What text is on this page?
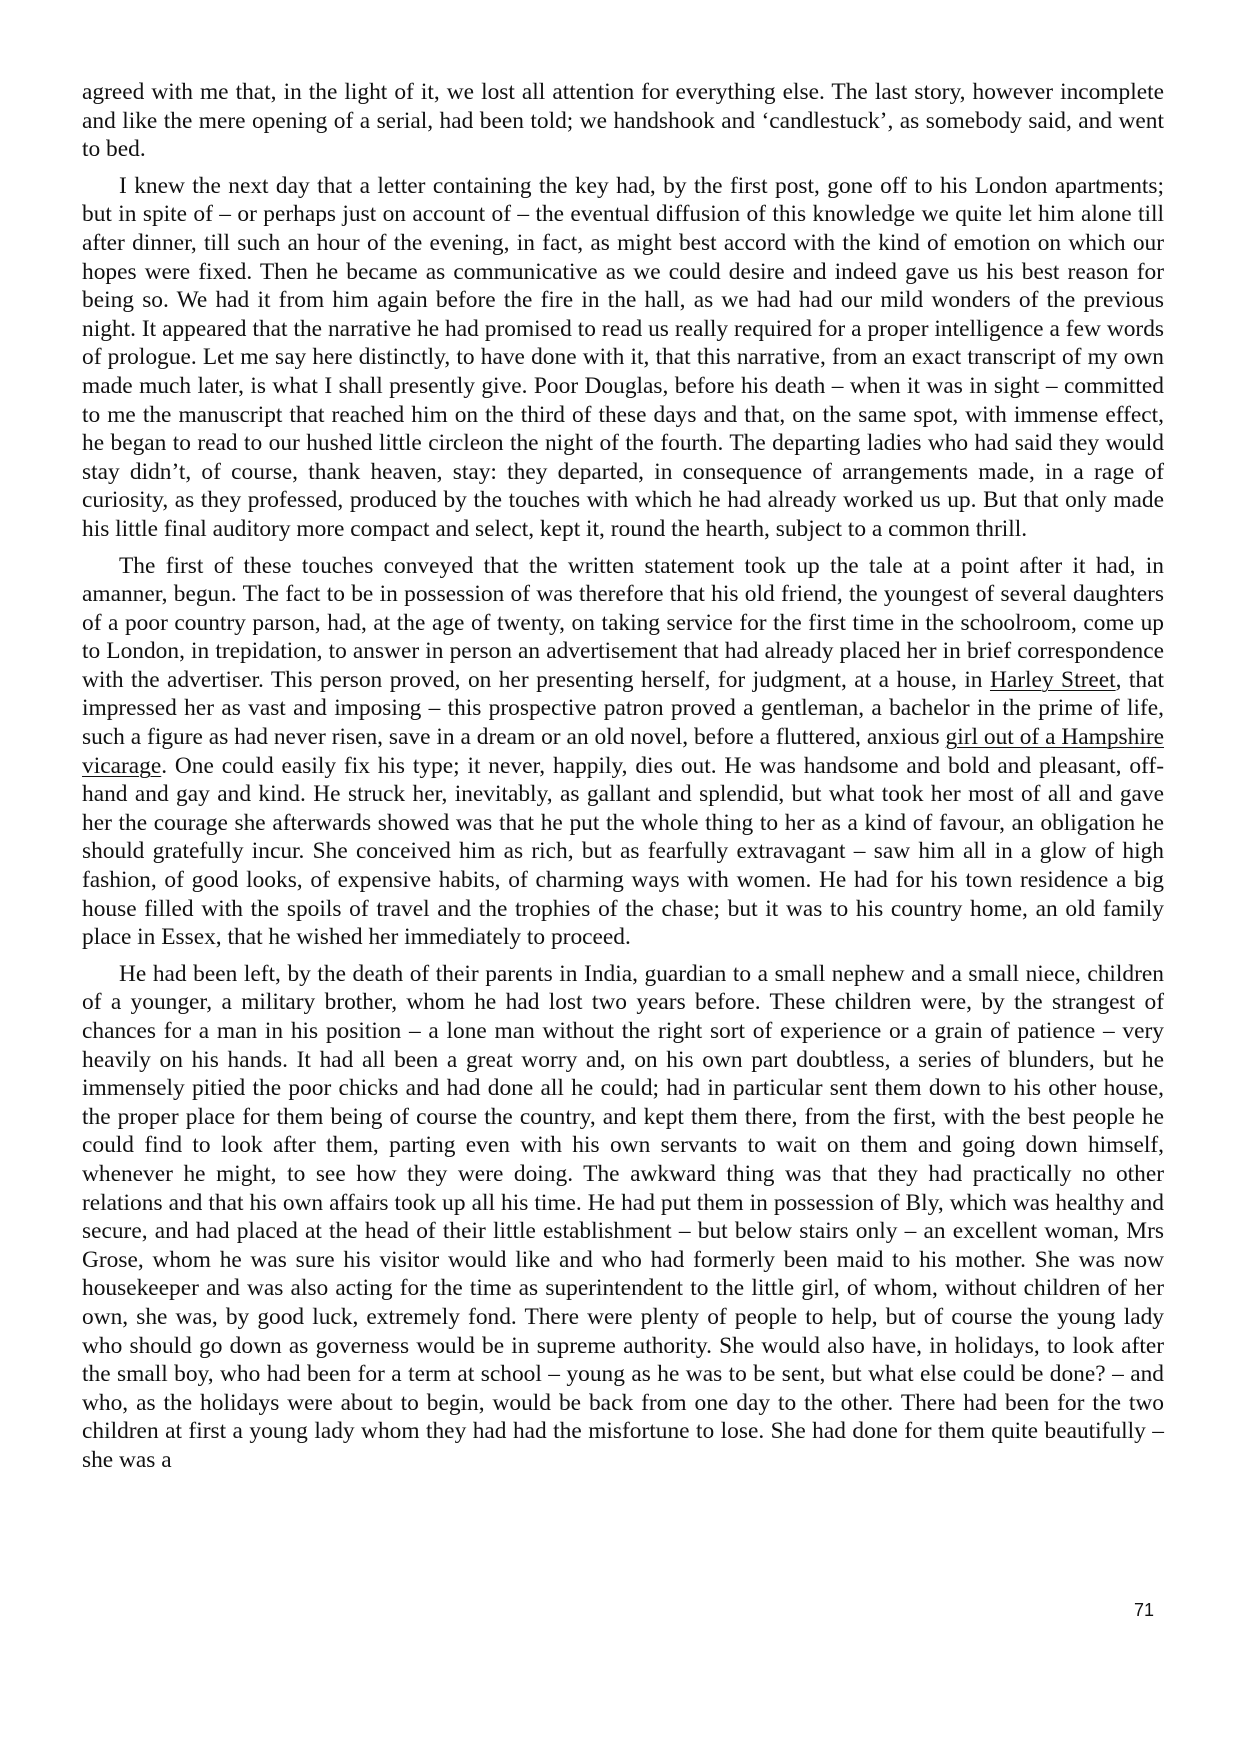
agreed with me that, in the light of it, we lost all attention for everything else. The last story, however incomplete and like the mere opening of a serial, had been told; we handshook and ‘candlestuck’, as somebody said, and went to bed.

I knew the next day that a letter containing the key had, by the first post, gone off to his London apartments; but in spite of – or perhaps just on account of – the eventual diffusion of this knowledge we quite let him alone till after dinner, till such an hour of the evening, in fact, as might best accord with the kind of emotion on which our hopes were fixed. Then he became as communicative as we could desire and indeed gave us his best reason for being so. We had it from him again before the fire in the hall, as we had had our mild wonders of the previous night. It appeared that the narrative he had promised to read us really required for a proper intelligence a few words of prologue. Let me say here distinctly, to have done with it, that this narrative, from an exact transcript of my own made much later, is what I shall presently give. Poor Douglas, before his death – when it was in sight – committed to me the manuscript that reached him on the third of these days and that, on the same spot, with immense effect, he began to read to our hushed little circleon the night of the fourth. The departing ladies who had said they would stay didn’t, of course, thank heaven, stay: they departed, in consequence of arrangements made, in a rage of curiosity, as they professed, produced by the touches with which he had already worked us up. But that only made his little final auditory more compact and select, kept it, round the hearth, subject to a common thrill.

The first of these touches conveyed that the written statement took up the tale at a point after it had, in amanner, begun. The fact to be in possession of was therefore that his old friend, the youngest of several daughters of a poor country parson, had, at the age of twenty, on taking service for the first time in the schoolroom, come up to London, in trepidation, to answer in person an advertisement that had already placed her in brief correspondence with the advertiser. This person proved, on her presenting herself, for judgment, at a house, in Harley Street, that impressed her as vast and imposing – this prospective patron proved a gentleman, a bachelor in the prime of life, such a figure as had never risen, save in a dream or an old novel, before a fluttered, anxious girl out of a Hampshire vicarage. One could easily fix his type; it never, happily, dies out. He was handsome and bold and pleasant, off-hand and gay and kind. He struck her, inevitably, as gallant and splendid, but what took her most of all and gave her the courage she afterwards showed was that he put the whole thing to her as a kind of favour, an obligation he should gratefully incur. She conceived him as rich, but as fearfully extravagant – saw him all in a glow of high fashion, of good looks, of expensive habits, of charming ways with women. He had for his town residence a big house filled with the spoils of travel and the trophies of the chase; but it was to his country home, an old family place in Essex, that he wished her immediately to proceed.

He had been left, by the death of their parents in India, guardian to a small nephew and a small niece, children of a younger, a military brother, whom he had lost two years before. These children were, by the strangest of chances for a man in his position – a lone man without the right sort of experience or a grain of patience – very heavily on his hands. It had all been a great worry and, on his own part doubtless, a series of blunders, but he immensely pitied the poor chicks and had done all he could; had in particular sent them down to his other house, the proper place for them being of course the country, and kept them there, from the first, with the best people he could find to look after them, parting even with his own servants to wait on them and going down himself, whenever he might, to see how they were doing. The awkward thing was that they had practically no other relations and that his own affairs took up all his time. He had put them in possession of Bly, which was healthy and secure, and had placed at the head of their little establishment – but below stairs only – an excellent woman, Mrs Grose, whom he was sure his visitor would like and who had formerly been maid to his mother. She was now housekeeper and was also acting for the time as superintendent to the little girl, of whom, without children of her own, she was, by good luck, extremely fond. There were plenty of people to help, but of course the young lady who should go down as governess would be in supreme authority. She would also have, in holidays, to look after the small boy, who had been for a term at school – young as he was to be sent, but what else could be done? – and who, as the holidays were about to begin, would be back from one day to the other. There had been for the two children at first a young lady whom they had had the misfortune to lose. She had done for them quite beautifully – she was a

71
